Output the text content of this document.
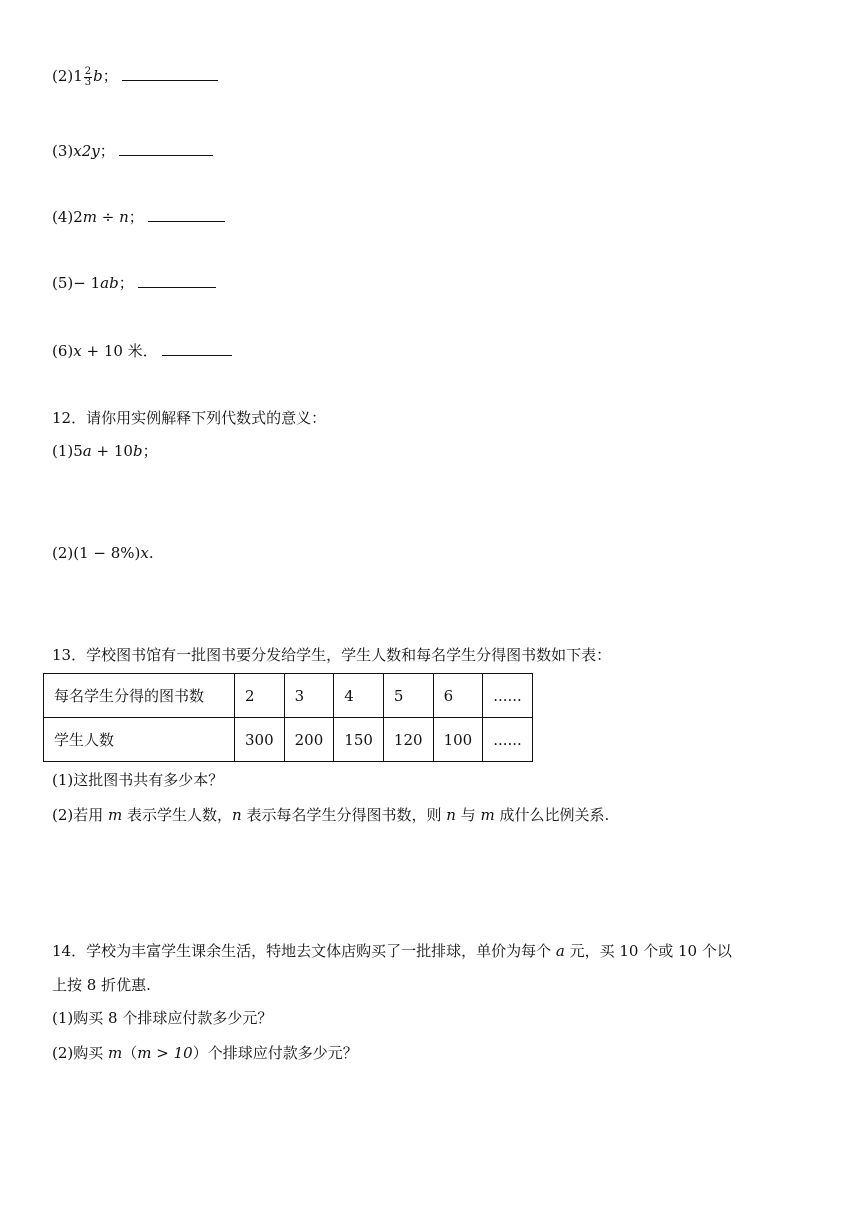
$(2)1 \frac{2}{3}$ b；
(3)x2y；
(4)2m ÷ n；
(5)− 1ab；
(6)x + 10 米．
12．请你用实例解释下列代数式的意义：
(1)5a + 10b；
(2)(1 − 8%)x.
13．学校图书馆有一批图书要分发给学生，学生人数和每名学生分得图书数如下表：
每名学生分得的图书数	2	3	4	5	6	......
学生人数	300	200	150	120	100	......
(1)这批图书共有多少本？
(2)若用 m 表示学生人数，n 表示每名学生分得图书数，则 n 与 m 成什么比例关系.
14．学校为丰富学生课余生活，特地去文体店购买了一批排球，单价为每个 a 元，买 10 个或 10 个以
上按 8 折优惠.
(1)购买 8 个排球应付款多少元？
(2)购买 m（m > 10）个排球应付款多少元？
